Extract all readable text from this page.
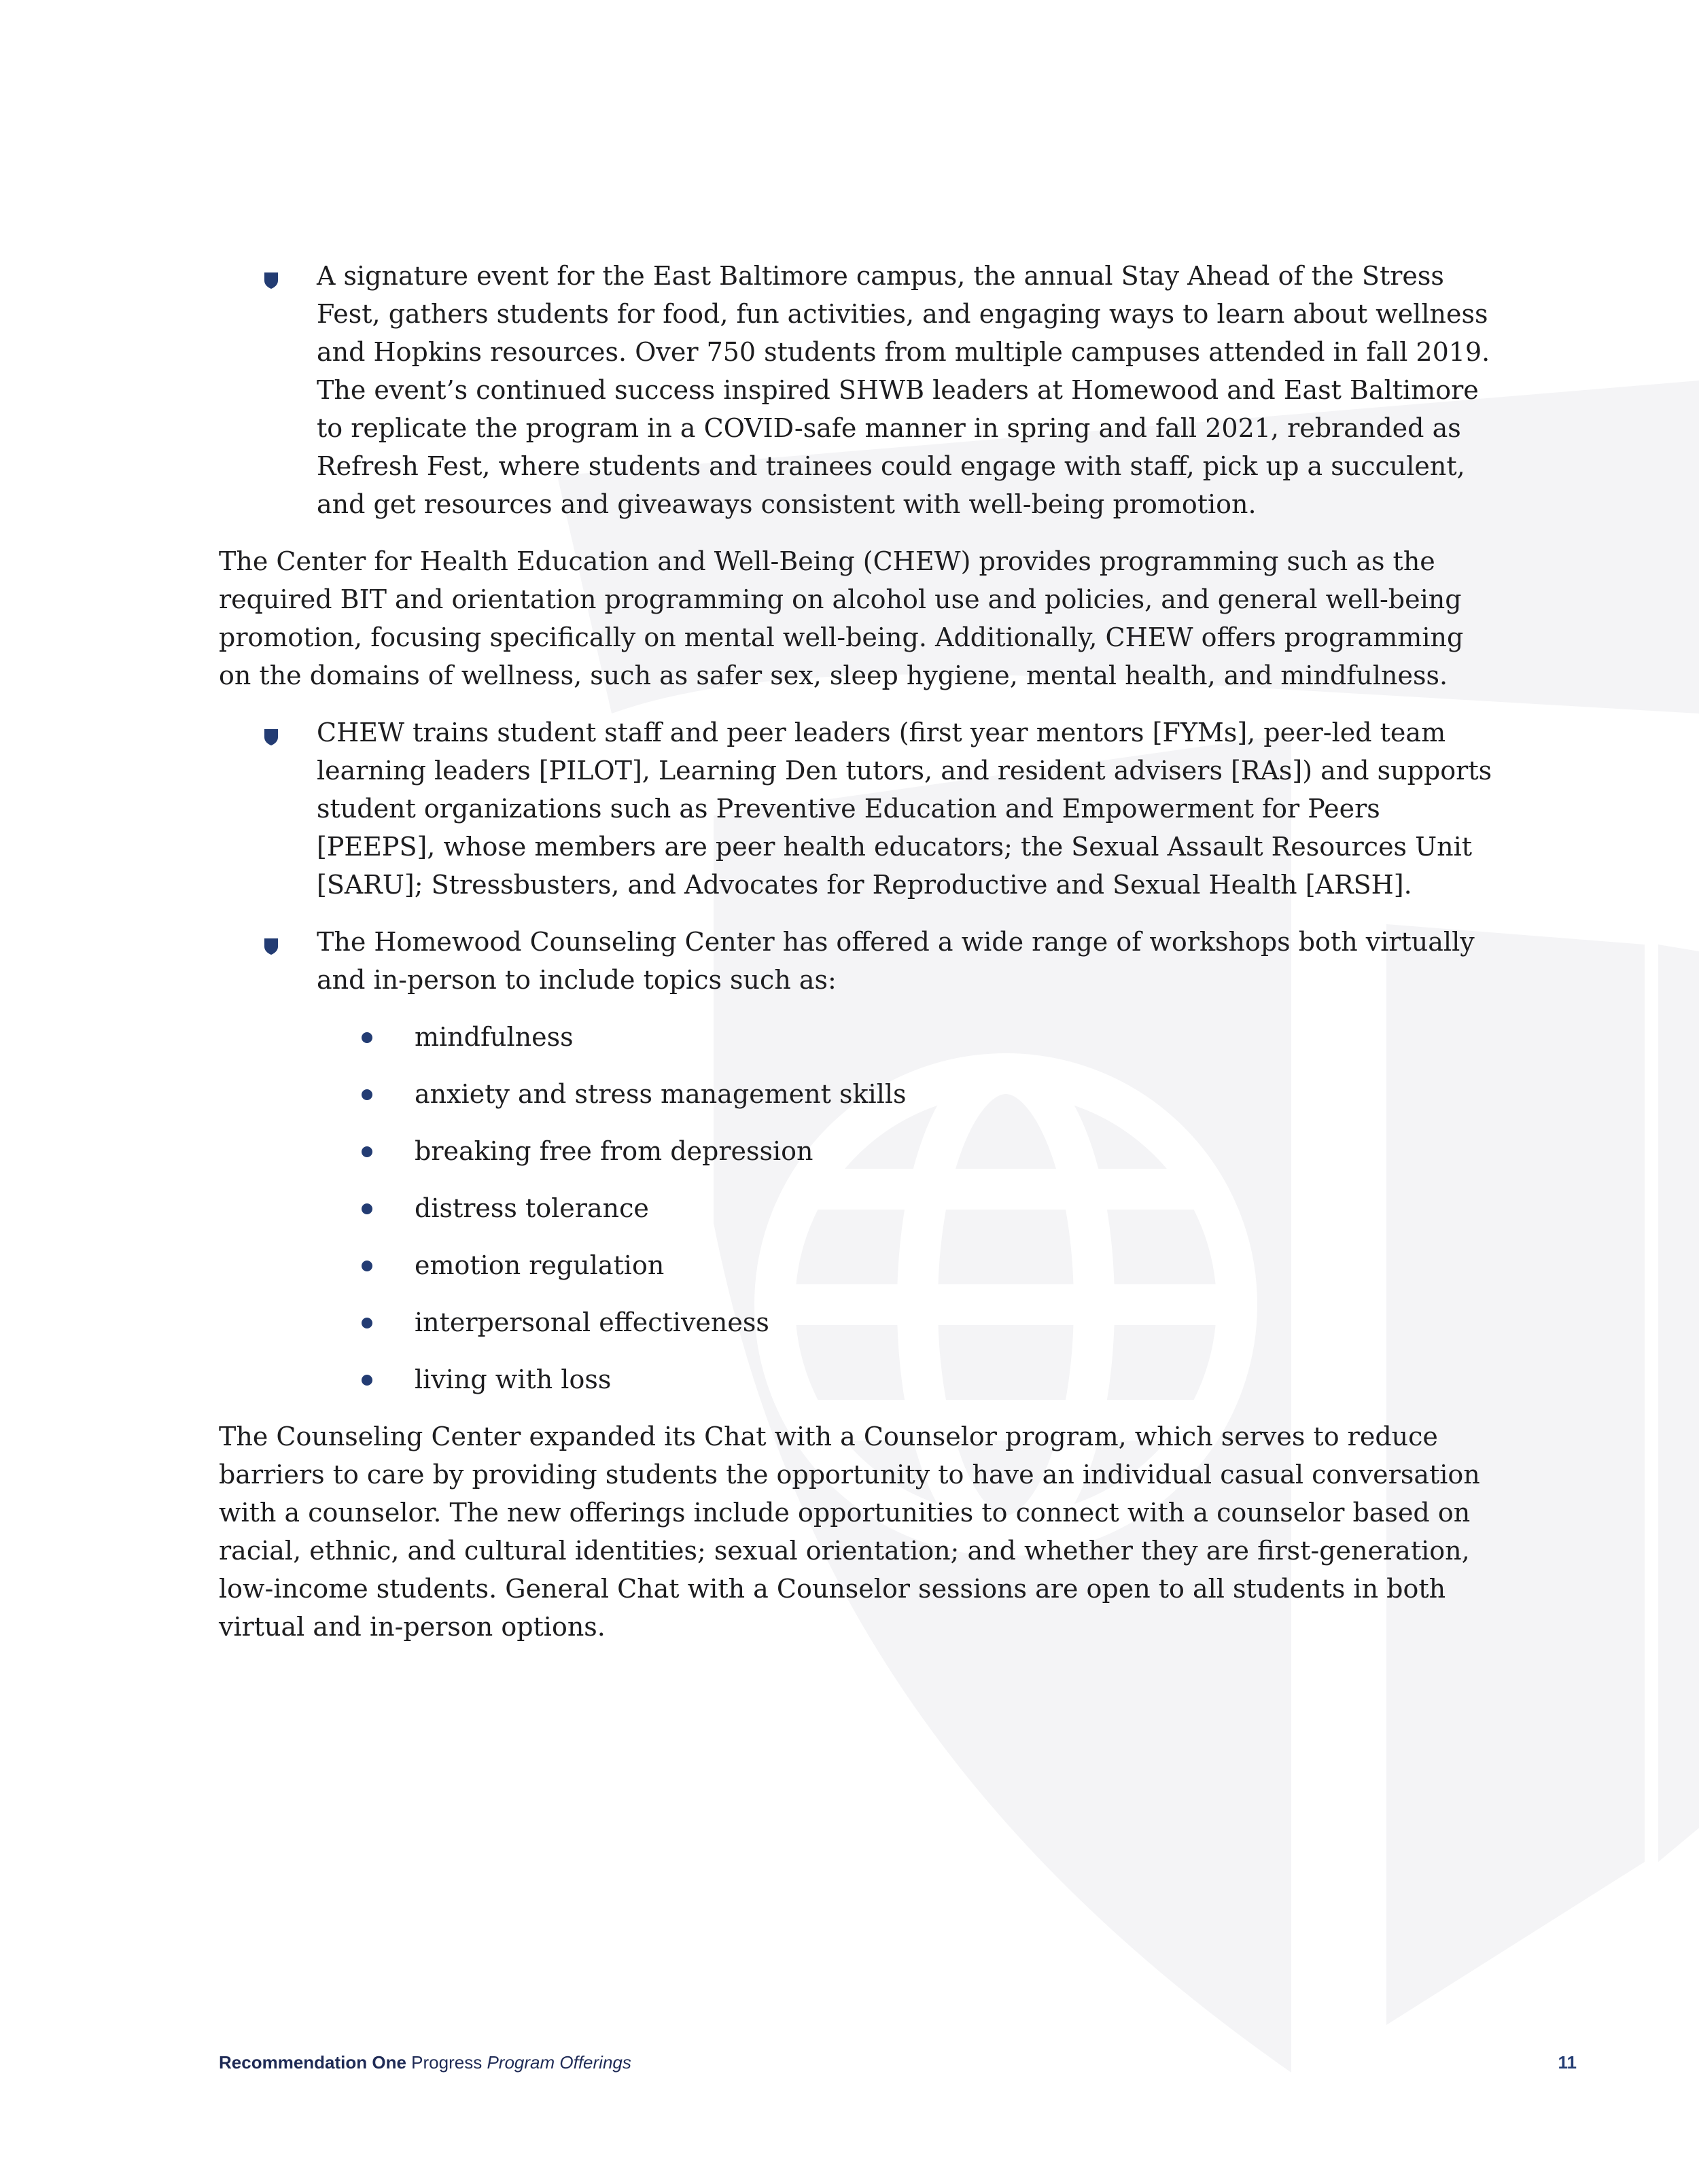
A signature event for the East Baltimore campus, the annual Stay Ahead of the Stress Fest, gathers students for food, fun activities, and engaging ways to learn about wellness and Hopkins resources. Over 750 students from multiple campuses attended in fall 2019. The event’s continued success inspired SHWB leaders at Homewood and East Baltimore to replicate the program in a COVID-safe manner in spring and fall 2021, rebranded as Refresh Fest, where students and trainees could engage with staff, pick up a succulent, and get resources and giveaways consistent with well-being promotion.

The Center for Health Education and Well-Being (CHEW) provides programming such as the required BIT and orientation programming on alcohol use and policies, and general well-being promotion, focusing specifically on mental well-being. Additionally, CHEW offers programming on the domains of wellness, such as safer sex, sleep hygiene, mental health, and mindfulness.

CHEW trains student staff and peer leaders (first year mentors [FYMs], peer-led team learning leaders [PILOT], Learning Den tutors, and resident advisers [RAs]) and supports student organizations such as Preventive Education and Empowerment for Peers [PEEPS], whose members are peer health educators; the Sexual Assault Resources Unit [SARU]; Stressbusters, and Advocates for Reproductive and Sexual Health [ARSH].
The Homewood Counseling Center has offered a wide range of workshops both virtually and in-person to include topics such as:
mindfulness
anxiety and stress management skills
breaking free from depression
distress tolerance
emotion regulation
interpersonal effectiveness
living with loss

The Counseling Center expanded its Chat with a Counselor program, which serves to reduce barriers to care by providing students the opportunity to have an individual casual conversation with a counselor. The new offerings include opportunities to connect with a counselor based on racial, ethnic, and cultural identities; sexual orientation; and whether they are first-generation, low-income students. General Chat with a Counselor sessions are open to all students in both virtual and in-person options.

Recommendation One Progress Program Offerings	11
